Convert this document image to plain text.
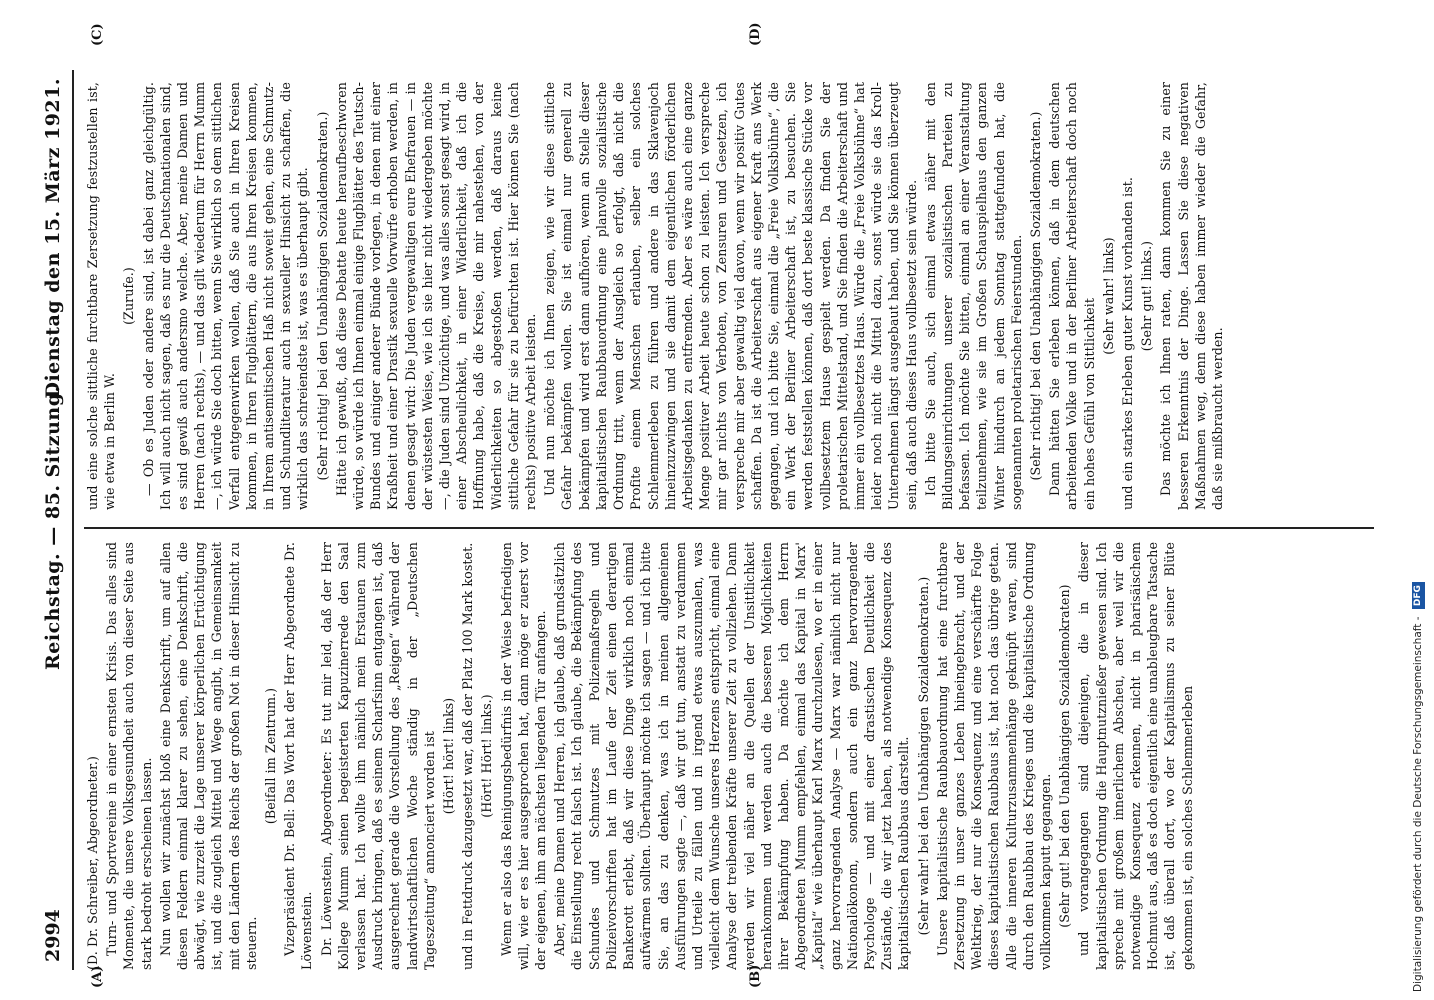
2994
Reichstag. — 85. Sitzung.
Dienstag den 15. März 1921.
(A)	(B)
(C)	(D)

(D. Dr. Schreiber, Abgeordneter.) Turn- und Sportvereine in einer ernsten Krisis. Das alles sind Momente, die unsere Volksgesundheit auch von dieser Seite aus stark bedroht erscheinen lassen. Nun wollen wir zunächst bloß eine Denkschrift, um auf allen diesen Feldern einmal klarer zu sehen, eine Denkschrift, die abwägt, wie zurzeit die Lage unserer körperlichen Ertüchtigung ist, und die zugleich Mittel und Wege angibt, in Gemeinsamkeit mit den Ländern des Reichs der großen Not in dieser Hinsicht zu steuern.

(Beifall im Zentrum.) Vizepräsident Dr. Bell: Das Wort hat der Herr Abgeordnete Dr. Löwenstein. Dr. Löwenstein, Abgeordneter: Es tut mir leid, daß der Herr Kollege Mumm seinen begeisterten Kapuzinerrede den Saal verlassen hat. Ich wollte ihm nämlich mein Erstaunen zum Ausdruck bringen, daß es seinem Scharfsinn entgangen ist, daß ausgerechnet gerade die Vorstellung des „Reigen“ während der landwirtschaftlichen Woche ständig in der „Deutschen Tageszeitung“ annonciert worden ist (Hört! hört! links) und in Fettdruck dazugesetzt war, daß der Platz 100 Mark kostet. (Hört! Hört! links.) Wenn er also das Reinigungsbedürfnis in der Weise befriedigen will, wie er es hier ausgesprochen hat, dann möge er zuerst vor der eigenen, ihm am nächsten liegenden Tür anfangen. Aber, meine Damen und Herren, ich glaube, daß grundsätzlich die Einstellung recht falsch ist. Ich glaube, die Bekämpfung des Schundes und Schmutzes mit Polizeimaßregeln und Polizeivorschriften hat im Laufe der Zeit einen derartigen Bankerott erlebt, daß wir diese Dinge wirklich noch einmal aufwärmen sollten. Überhaupt möchte ich sagen — und ich bitte Sie, an das zu denken, was ich in meinen allgemeinen Ausführungen sagte —, daß wir gut tun, anstatt zu verdammen und Urteile zu fällen und in irgend etwas auszumalen, was vielleicht dem Wunsche unseres Herzens entspricht, einmal eine Analyse der treibenden Kräfte unserer Zeit zu vollziehen. Dann werden wir viel näher an die Quellen der Unsittlichkeit herankommen und werden auch die besseren Möglichkeiten ihrer Bekämpfung haben. Da möchte ich dem Herrn Abgeordneten Mumm empfehlen, einmal das Kapital in Marx' „Kapital“ wie überhaupt Karl Marx durchzulesen, wo er in einer ganz hervorragenden Analyse — Marx war nämlich nicht nur Nationalökonom, sondern auch ein ganz hervorragender Psychologe — und mit einer drastischen Deutlichkeit die Zustände, die wir jetzt haben, als notwendige Konsequenz des kapitalistischen Raubbaus darstellt. (Sehr wahr! bei den Unabhängigen Sozialdemokraten.) Unsere kapitalistische Raubbauordnung hat eine furchtbare Zersetzung in unser ganzes Leben hineingebracht, und der Weltkrieg, der nur die Konsequenz und eine verschärfte Folge dieses kapitalistischen Raubbaus ist, hat noch das übrige getan. Alle die inneren Kulturzusammenhänge geknüpft waren, sind durch den Raubbau des Krieges und die kapitalistische Ordnung vollkommen kaputt gegangen. (Sehr gut! bei den Unabhängigen Sozialdemokraten) und vorangegangen sind diejenigen, die in dieser kapitalistischen Ordnung die Hauptnutznießer gewesen sind. Ich spreche mit großem innerlichem Abscheu, aber weil wir die notwendige Konsequenz erkennen, nicht in pharisäischem Hochmut aus, daß es doch eigentlich eine unableugbare Tatsache ist, daß überall dort, wo der Kapitalismus zu seiner Blüte gekommen ist, ein solches Schlemmerleben

und eine solche sittliche furchtbare Zersetzung festzustellen ist, wie etwa in Berlin W.

(Zurufe.) — Ob es Juden oder andere sind, ist dabei ganz gleichgültig. Ich will auch nicht sagen, daß es nur die Deutschnationalen sind, es sind gewiß auch andersmo welche. Aber, meine Damen und Herren (nach rechts), — und das gilt wiederum für Herrn Mumm —, ich würde Sie doch bitten, wenn Sie wirklich so dem sittlichen Verfall entgegenwirken wollen, daß Sie auch in Ihren Kreisen kommen, in Ihren Flugblättern, die aus Ihren Kreisen kommen, in Ihrem antisemitischen Haß nicht soweit gehen, eine Schmutz- und Schundliteratur auch in sexueller Hinsicht zu schaffen, die wirklich das schreiendste ist, was es überhaupt gibt. (Sehr richtig! bei den Unabhängigen Sozialdemokraten.) Hätte ich gewußt, daß diese Debatte heute heraufbeschworen würde, so würde ich Ihnen einmal einige Flugblätter des Teutsch-Bundes und einiger anderer Bünde vorlegen, in denen mit einer Kraßheit und einer Drastik sexuelle Vorwürfe erhoben werden, in denen gesagt wird: Die Juden vergewaltigen eure Ehefrauen — in der wüstesten Weise, wie ich sie hier nicht wiedergeben möchte —, die Juden sind Unzüchtige, und was alles sonst gesagt wird, in einer Abscheulichkeit, in einer Widerlichkeit, daß ich die Hoffnung habe, daß die Kreise, die mir nahestehen, von der Widerlichkeiten so abgestoßen werden, daß daraus keine sittliche Gefahr für sie zu befürchten ist. Hier können Sie (nach rechts) positive Arbeit leisten. Und nun möchte ich Ihnen zeigen, wie wir diese sittliche Gefahr bekämpfen wollen. Sie ist einmal nur generell zu bekämpfen und wird erst dann aufhören, wenn an Stelle dieser kapitalistischen Raubbauordnung eine planvolle sozialistische Ordnung tritt, wenn der Ausgleich so erfolgt, daß nicht die Profite einem Menschen erlauben, selber ein solches Schlemmerleben zu führen und andere in das Sklavenjoch hineinzuzwingen und sie damit dem eigentlichen förderlichen Arbeitsgedanken zu entfremden. Aber es wäre auch eine ganze Menge positiver Arbeit heute schon zu leisten. Ich verspreche mir gar nichts von Verboten, von Zensuren und Gesetzen, ich verspreche mir aber gewaltig viel davon, wenn wir positiv Gutes schaffen. Da ist die Arbeiterschaft aus eigener Kraft ans Werk gegangen, und ich bitte Sie, einmal die „Freie Volksbühne“, die ein Werk der Berliner Arbeiterschaft ist, zu besuchen. Sie werden feststellen können, daß dort beste klassische Stücke vor vollbesetztem Hause gespielt werden. Da finden Sie der proletarischen Mittelstand, und Sie finden die Arbeiterschaft und immer ein vollbesetztes Haus. Würde die „Freie Volksbühne“ hat leider noch nicht die Mittel dazu, sonst würde sie das Kroll-Unternehmen längst ausgebaut haben, und Sie können überzeugt sein, daß auch dieses Haus vollbesetzt sein würde. Ich bitte Sie auch, sich einmal etwas näher mit den Bildungseinrichtungen unserer sozialistischen Parteien zu befassen. Ich möchte Sie bitten, einmal an einer Veranstaltung teilzunehmen, wie sie im Großen Schauspielhaus den ganzen Winter hindurch an jedem Sonntag stattgefunden hat, die sogenannten proletarischen Feierstunden. (Sehr richtig! bei den Unabhängigen Sozialdemokraten.) Dann hätten Sie erleben können, daß in dem deutschen arbeitenden Volke und in der Berliner Arbeiterschaft doch noch ein hohes Gefühl von Sittlichkeit

(Sehr wahr! links) und ein starkes Erleben guter Kunst vorhanden ist. (Sehr gut! links.) Das möchte ich Ihnen raten, dann kommen Sie zu einer besseren Erkenntnis der Dinge. Lassen Sie diese negativen Maßnahmen weg, denn diese haben immer wieder die Gefahr, daß sie mißbraucht werden.

Digitalisierung gefördert durch die Deutsche Forschungsgemeinschaft - DFG
